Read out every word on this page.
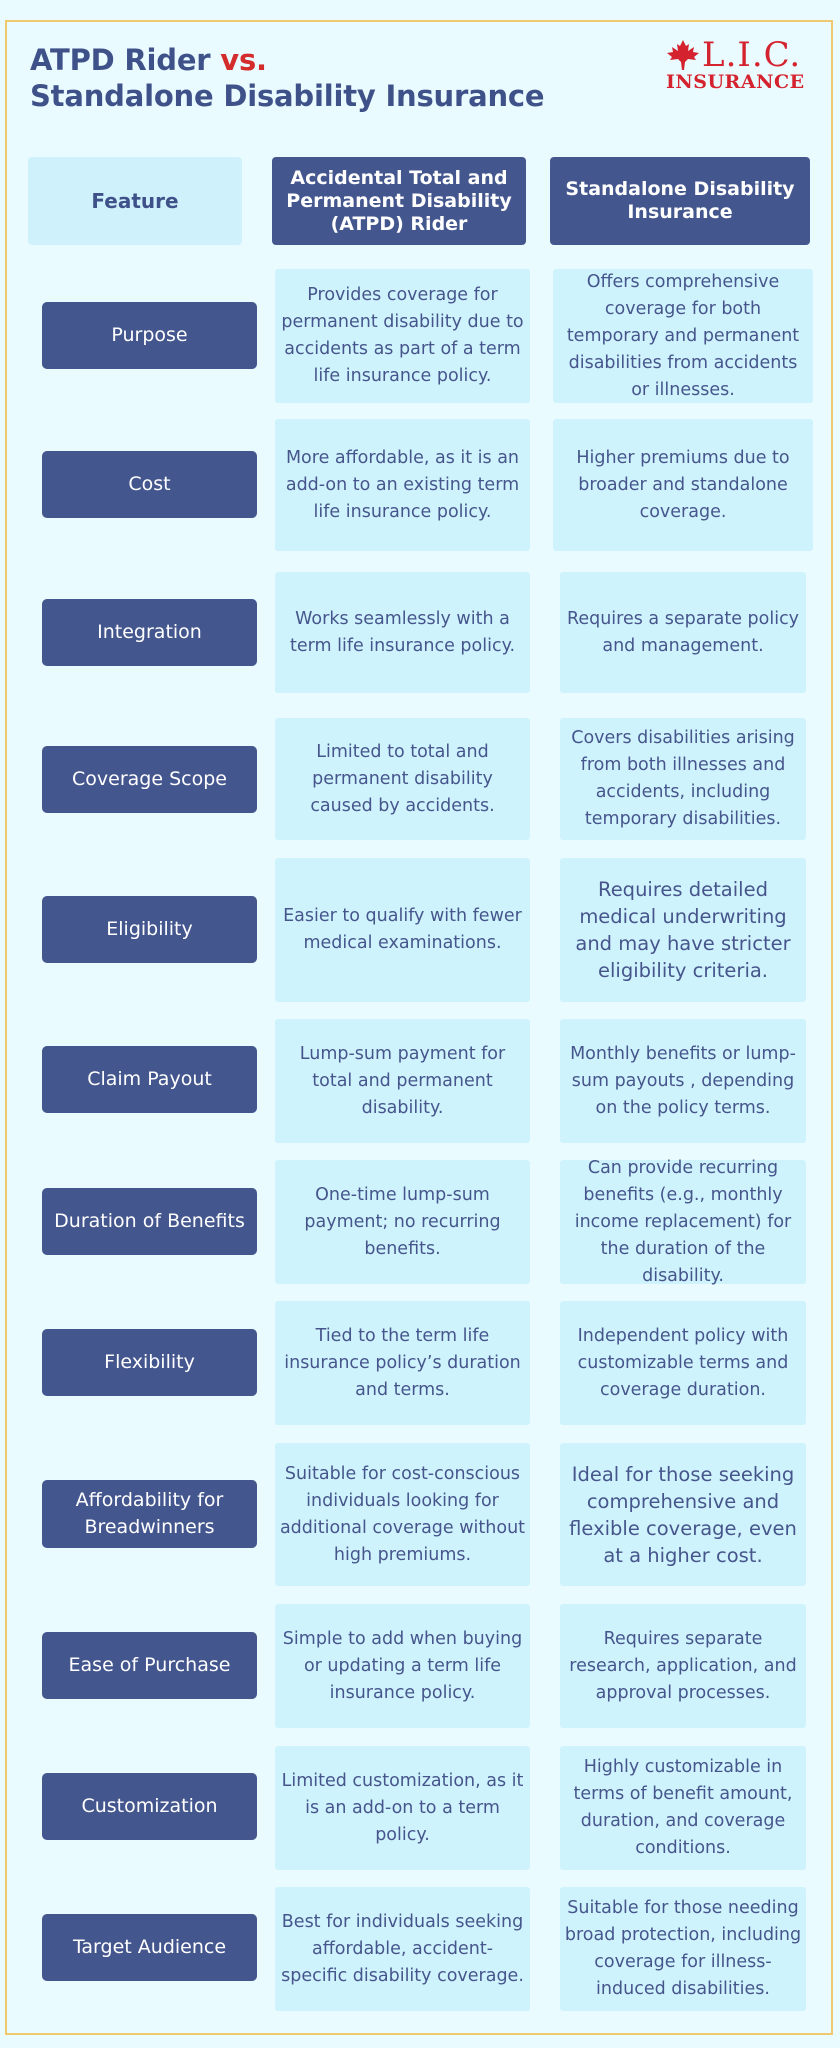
ATPD Rider vs.
Standalone Disability Insurance
L.I.C.
INSURANCE
Feature
Accidental Total and Permanent Disability (ATPD) Rider
Standalone Disability Insurance
Purpose
Provides coverage for permanent disability due to accidents as part of a term life insurance policy.
Offers comprehensive coverage for both temporary and permanent disabilities from accidents or illnesses.
Cost
More affordable, as it is an add-on to an existing term life insurance policy.
Higher premiums due to broader and standalone coverage.
Integration
Works seamlessly with a term life insurance policy.
Requires a separate policy and management.
Coverage Scope
Limited to total and permanent disability caused by accidents.
Covers disabilities arising from both illnesses and accidents, including temporary disabilities.
Eligibility
Easier to qualify with fewer medical examinations.
Requires detailed medical underwriting and may have stricter eligibility criteria.
Claim Payout
Lump-sum payment for total and permanent disability.
Monthly benefits or lump-sum payouts , depending on the policy terms.
Duration of Benefits
One-time lump-sum payment; no recurring benefits.
Can provide recurring benefits (e.g., monthly income replacement) for the duration of the disability.
Flexibility
Tied to the term life insurance policy’s duration and terms.
Independent policy with customizable terms and coverage duration.
Affordability for Breadwinners
Suitable for cost-conscious individuals looking for additional coverage without high premiums.
Ideal for those seeking comprehensive and flexible coverage, even at a higher cost.
Ease of Purchase
Simple to add when buying or updating a term life insurance policy.
Requires separate research, application, and approval processes.
Customization
Limited customization, as it is an add-on to a term policy.
Highly customizable in terms of benefit amount, duration, and coverage conditions.
Target Audience
Best for individuals seeking affordable, accident-specific disability coverage.
Suitable for those needing broad protection, including coverage for illness-induced disabilities.
